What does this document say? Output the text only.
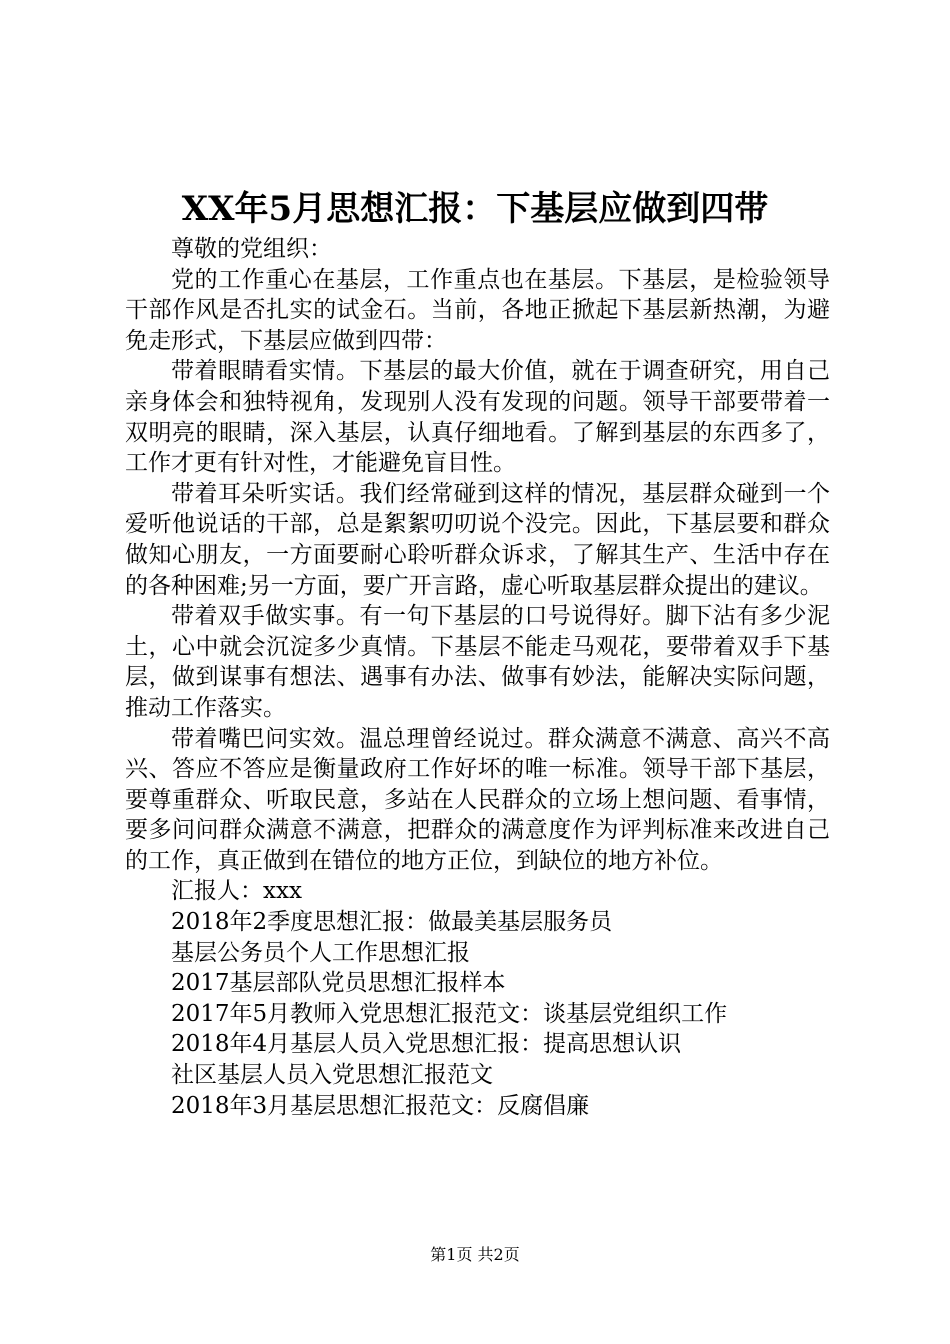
XX年5月思想汇报：下基层应做到四带

尊敬的党组织：

党的工作重心在基层，工作重点也在基层。下基层，是检验领导干部作风是否扎实的试金石。当前，各地正掀起下基层新热潮，为避免走形式，下基层应做到四带：

带着眼睛看实情。下基层的最大价值，就在于调查研究，用自己亲身体会和独特视角，发现别人没有发现的问题。领导干部要带着一双明亮的眼睛，深入基层，认真仔细地看。了解到基层的东西多了，工作才更有针对性，才能避免盲目性。

带着耳朵听实话。我们经常碰到这样的情况，基层群众碰到一个爱听他说话的干部，总是絮絮叨叨说个没完。因此，下基层要和群众做知心朋友，一方面要耐心聆听群众诉求，了解其生产、生活中存在的各种困难;另一方面，要广开言路，虚心听取基层群众提出的建议。

带着双手做实事。有一句下基层的口号说得好。脚下沾有多少泥土，心中就会沉淀多少真情。下基层不能走马观花，要带着双手下基层，做到谋事有想法、遇事有办法、做事有妙法，能解决实际问题，推动工作落实。

带着嘴巴问实效。温总理曾经说过。群众满意不满意、高兴不高兴、答应不答应是衡量政府工作好坏的唯一标准。领导干部下基层，要尊重群众、听取民意，多站在人民群众的立场上想问题、看事情，要多问问群众满意不满意，把群众的满意度作为评判标准来改进自己的工作，真正做到在错位的地方正位，到缺位的地方补位。

汇报人：xxx

2018年2季度思想汇报：做最美基层服务员
基层公务员个人工作思想汇报
2017基层部队党员思想汇报样本
2017年5月教师入党思想汇报范文：谈基层党组织工作
2018年4月基层人员入党思想汇报：提高思想认识
社区基层人员入党思想汇报范文
2018年3月基层思想汇报范文：反腐倡廉
第1页 共2页
